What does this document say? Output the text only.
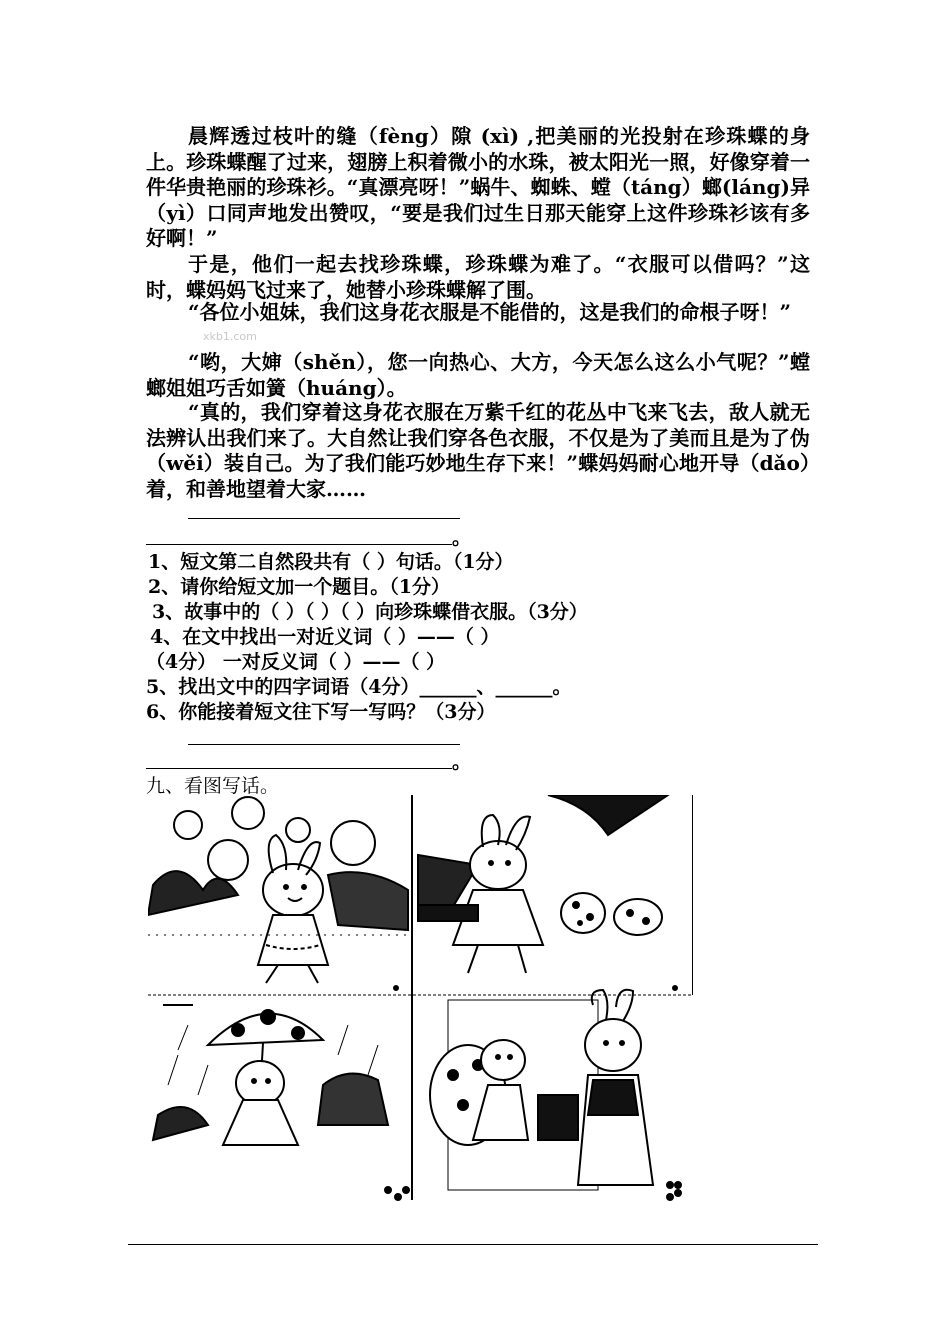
晨辉透过枝叶的缝（fèng）隙 (xì) ,把美丽的光投射在珍珠蝶的身上。珍珠蝶醒了过来，翅膀上积着微小的水珠，被太阳光一照，好像穿着一件华贵艳丽的珍珠衫。“真漂亮呀！”蜗牛、蜘蛛、螳（táng）螂(láng)异（yì）口同声地发出赞叹，“要是我们过生日那天能穿上这件珍珠衫该有多好啊！”

于是，他们一起去找珍珠蝶，珍珠蝶为难了。“衣服可以借吗？”这时，蝶妈妈飞过来了，她替小珍珠蝶解了围。

“各位小姐妹，我们这身花衣服是不能借的，这是我们的命根子呀！”

xkb1.com

“哟，大婶（shěn），您一向热心、大方，今天怎么这么小气呢？”螳螂姐姐巧舌如簧（huáng）。

“真的，我们穿着这身花衣服在万紫千红的花丛中飞来飞去，敌人就无法辨认出我们来了。大自然让我们穿各色衣服，不仅是为了美而且是为了伪（wěi）装自己。为了我们能巧妙地生存下来！”蝶妈妈耐心地开导（dǎo）着，和善地望着大家……

。
1、短文第二自然段共有（ ）句话。（1分）
2、请你给短文加一个题目。（1分）
3、故事中的（ ）（ ）（ ）向珍珠蝶借衣服。（3分）
4、在文中找出一对近义词（ ）——（ ）
（4分） 一对反义词（ ）——（ ）
5、找出文中的四字词语（4分）______、______。
6、你能接着短文往下写一写吗？（3分）
。
九、看图写话。
